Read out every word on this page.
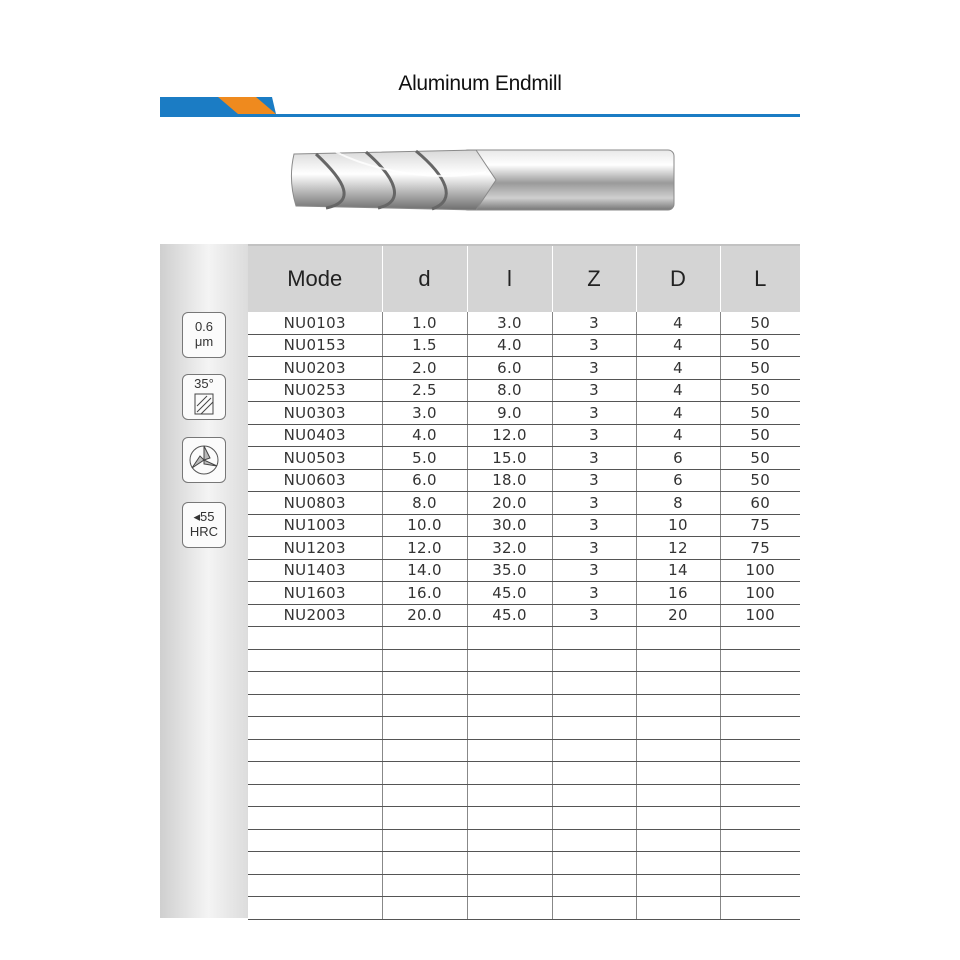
Aluminum Endmill
0.6
μm
35°
◂55
HRC
Mode	d	l	Z	D	L
NU0103	1.0	3.0	3	4	50
NU0153	1.5	4.0	3	4	50
NU0203	2.0	6.0	3	4	50
NU0253	2.5	8.0	3	4	50
NU0303	3.0	9.0	3	4	50
NU0403	4.0	12.0	3	4	50
NU0503	5.0	15.0	3	6	50
NU0603	6.0	18.0	3	6	50
NU0803	8.0	20.0	3	8	60
NU1003	10.0	30.0	3	10	75
NU1203	12.0	32.0	3	12	75
NU1403	14.0	35.0	3	14	100
NU1603	16.0	45.0	3	16	100
NU2003	20.0	45.0	3	20	100
